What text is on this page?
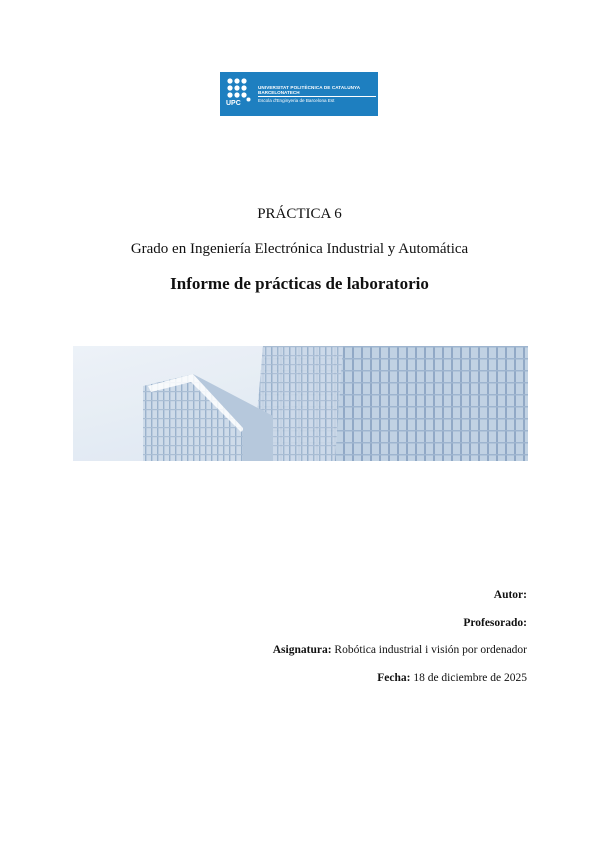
UPC
UNIVERSITAT POLITÈCNICA DE CATALUNYA
BARCELONATECH
Escola d'Enginyeria de Barcelona Est
PRÁCTICA 6
Grado en Ingeniería Electrónica Industrial y Automática
Informe de prácticas de laboratorio
Autor:
Profesorado:
Asignatura: Robótica industrial i visión por ordenador
Fecha: 18 de diciembre de 2025
